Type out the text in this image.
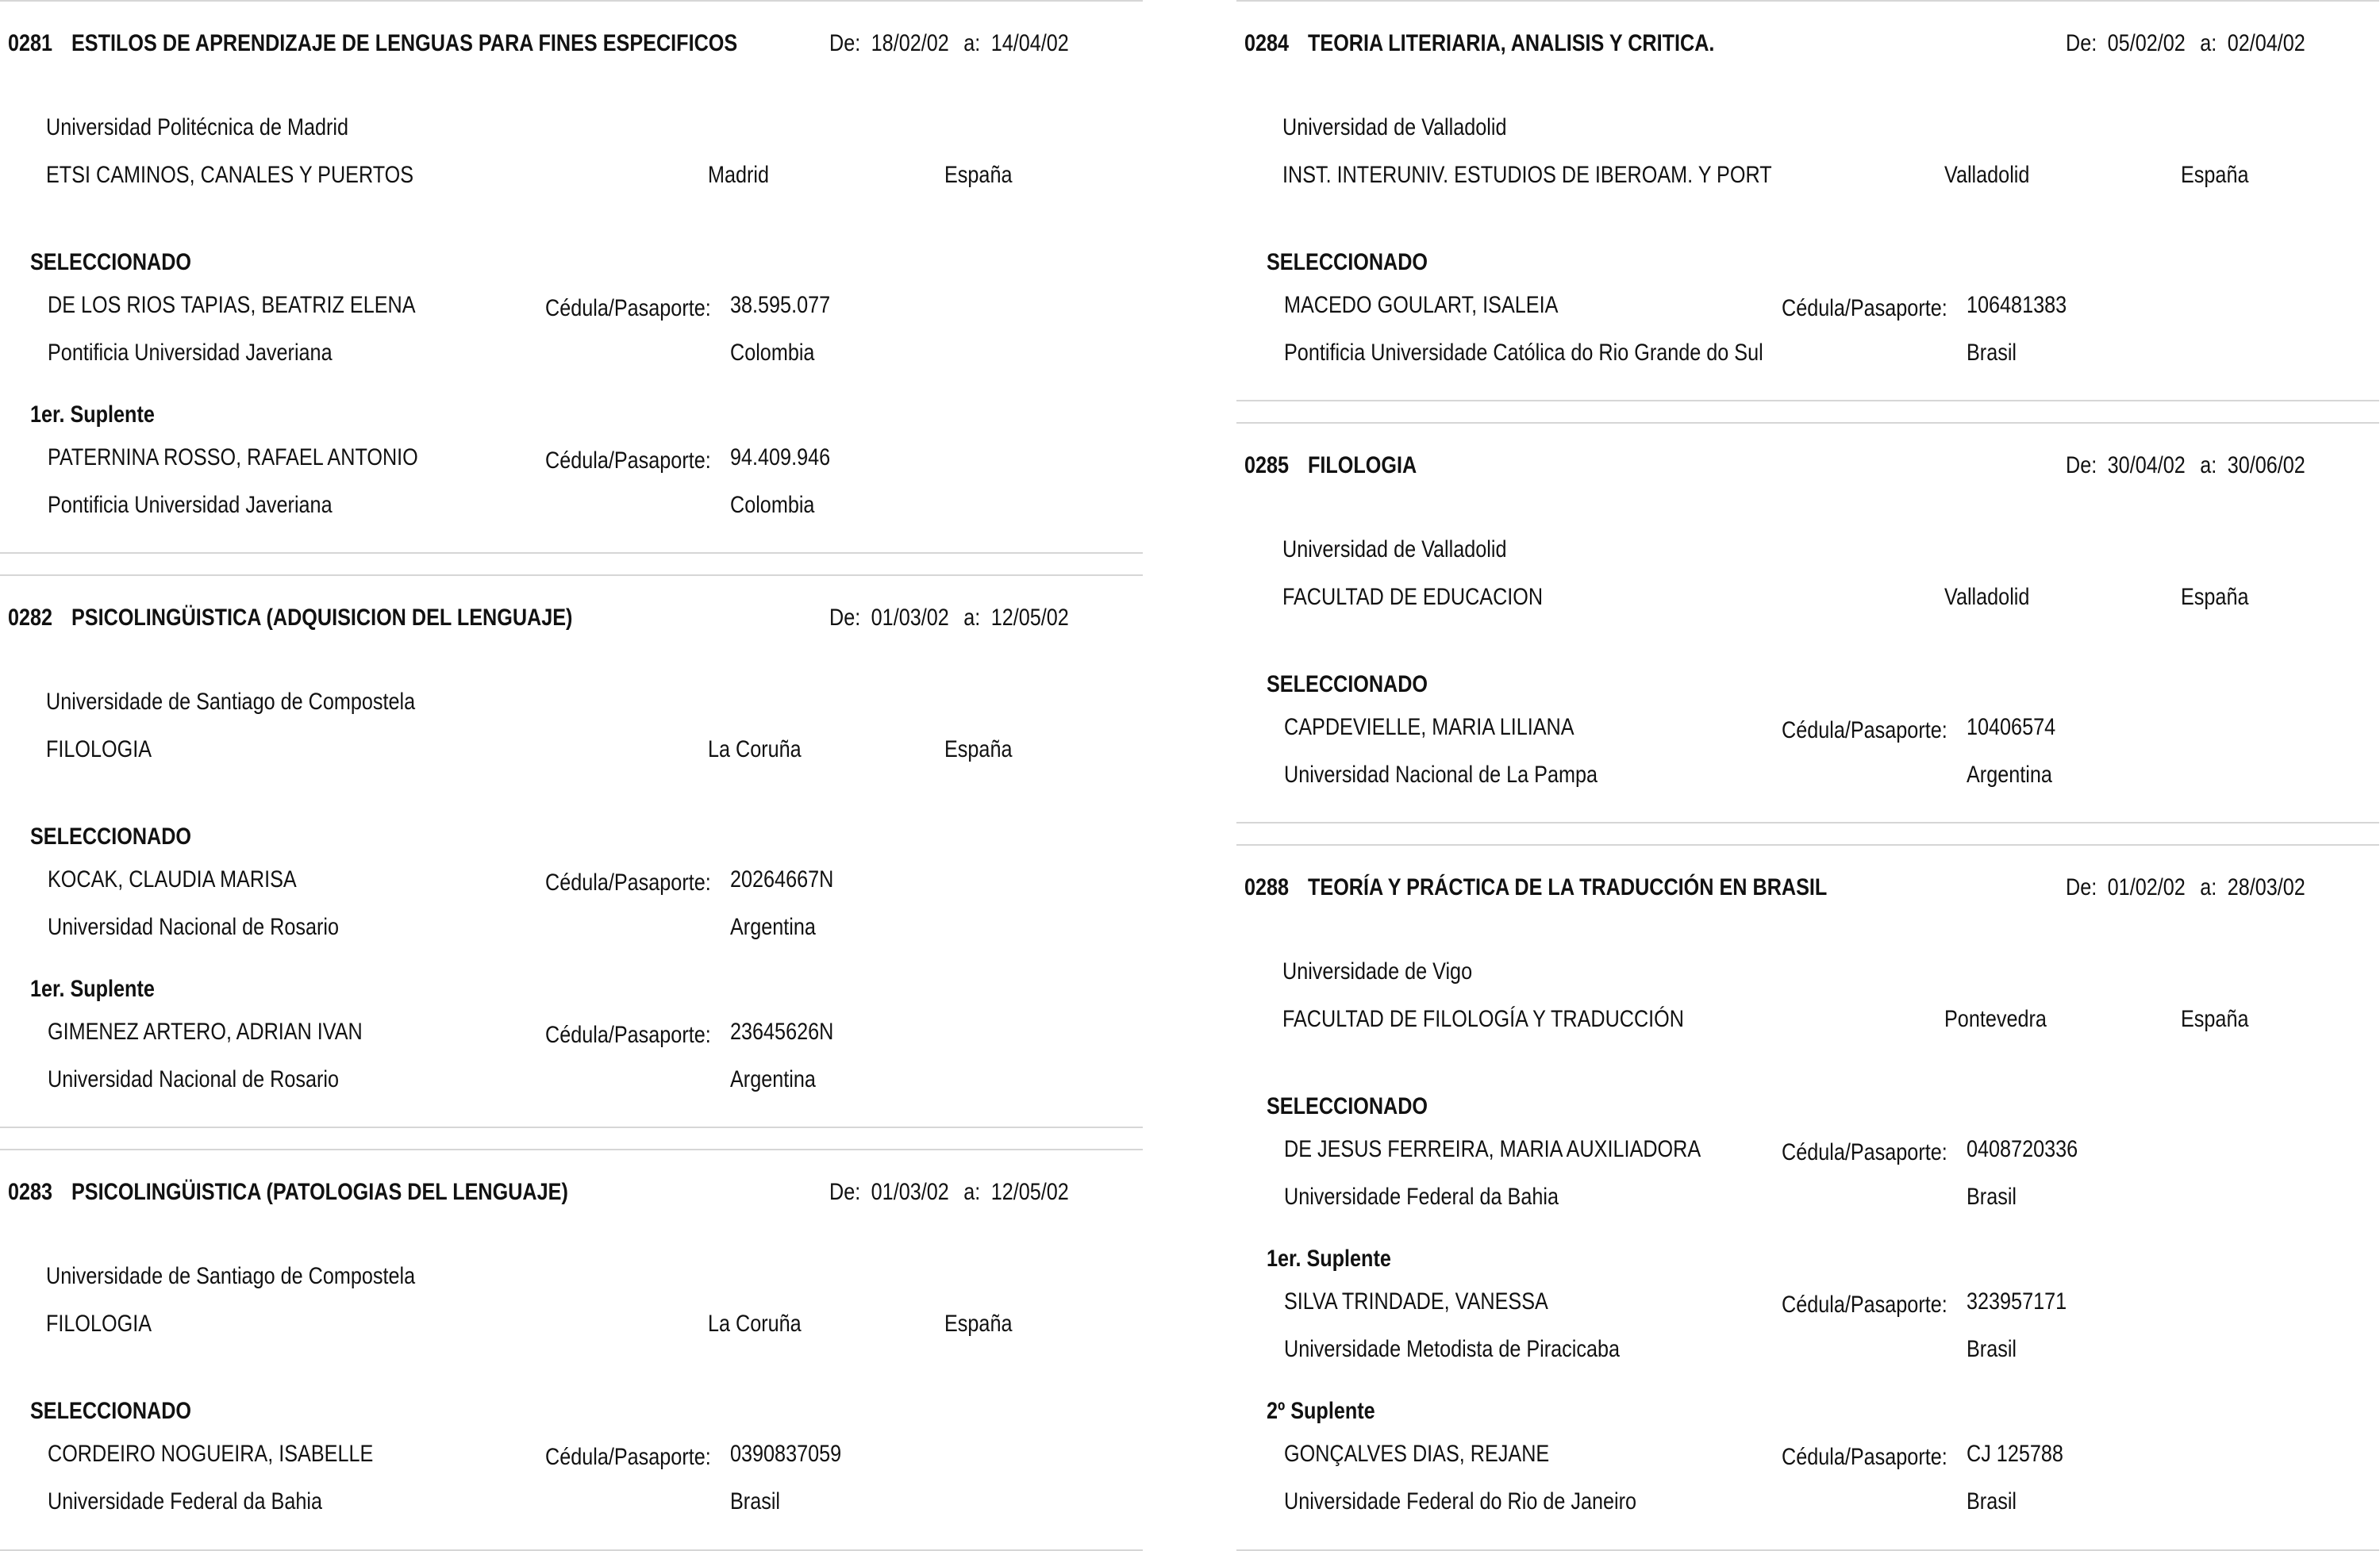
0281 ESTILOS DE APRENDIZAJE DE LENGUAS PARA FINES ESPECIFICOS	De: 18/02/02 a: 14/04/02
Universidad Politécnica de Madrid
ETSI CAMINOS, CANALES Y PUERTOS	Madrid	España
SELECCIONADO
DE LOS RIOS TAPIAS, BEATRIZ ELENA	Cédula/Pasaporte: 38.595.077
Pontificia Universidad Javeriana	Colombia
1er. Suplente
PATERNINA ROSSO, RAFAEL ANTONIO	Cédula/Pasaporte: 94.409.946
Pontificia Universidad Javeriana	Colombia
0282 PSICOLINGÜISTICA (ADQUISICION DEL LENGUAJE)	De: 01/03/02 a: 12/05/02
Universidade de Santiago de Compostela
FILOLOGIA	La Coruña	España
SELECCIONADO
KOCAK, CLAUDIA MARISA	Cédula/Pasaporte: 20264667N
Universidad Nacional de Rosario	Argentina
1er. Suplente
GIMENEZ ARTERO, ADRIAN IVAN	Cédula/Pasaporte: 23645626N
Universidad Nacional de Rosario	Argentina
0283 PSICOLINGÜISTICA (PATOLOGIAS DEL LENGUAJE)	De: 01/03/02 a: 12/05/02
Universidade de Santiago de Compostela
FILOLOGIA	La Coruña	España
SELECCIONADO
CORDEIRO NOGUEIRA, ISABELLE	Cédula/Pasaporte: 0390837059
Universidade Federal da Bahia	Brasil
0284 TEORIA LITERIARIA, ANALISIS Y CRITICA.	De: 05/02/02 a: 02/04/02
Universidad de Valladolid
INST. INTERUNIV. ESTUDIOS DE IBEROAM. Y PORT	Valladolid	España
SELECCIONADO
MACEDO GOULART, ISALEIA	Cédula/Pasaporte: 106481383
Pontificia Universidade Católica do Rio Grande do Sul	Brasil
0285 FILOLOGIA	De: 30/04/02 a: 30/06/02
Universidad de Valladolid
FACULTAD DE EDUCACION	Valladolid	España
SELECCIONADO
CAPDEVIELLE, MARIA LILIANA	Cédula/Pasaporte: 10406574
Universidad Nacional de La Pampa	Argentina
0288 TEORÍA Y PRÁCTICA DE LA TRADUCCIÓN EN BRASIL	De: 01/02/02 a: 28/03/02
Universidade de Vigo
FACULTAD DE FILOLOGÍA Y TRADUCCIÓN	Pontevedra	España
SELECCIONADO
DE JESUS FERREIRA, MARIA AUXILIADORA	Cédula/Pasaporte: 0408720336
Universidade Federal da Bahia	Brasil
1er. Suplente
SILVA TRINDADE, VANESSA	Cédula/Pasaporte: 323957171
Universidade Metodista de Piracicaba	Brasil
2º Suplente
GONÇALVES DIAS, REJANE	Cédula/Pasaporte: CJ 125788
Universidade Federal do Rio de Janeiro	Brasil
